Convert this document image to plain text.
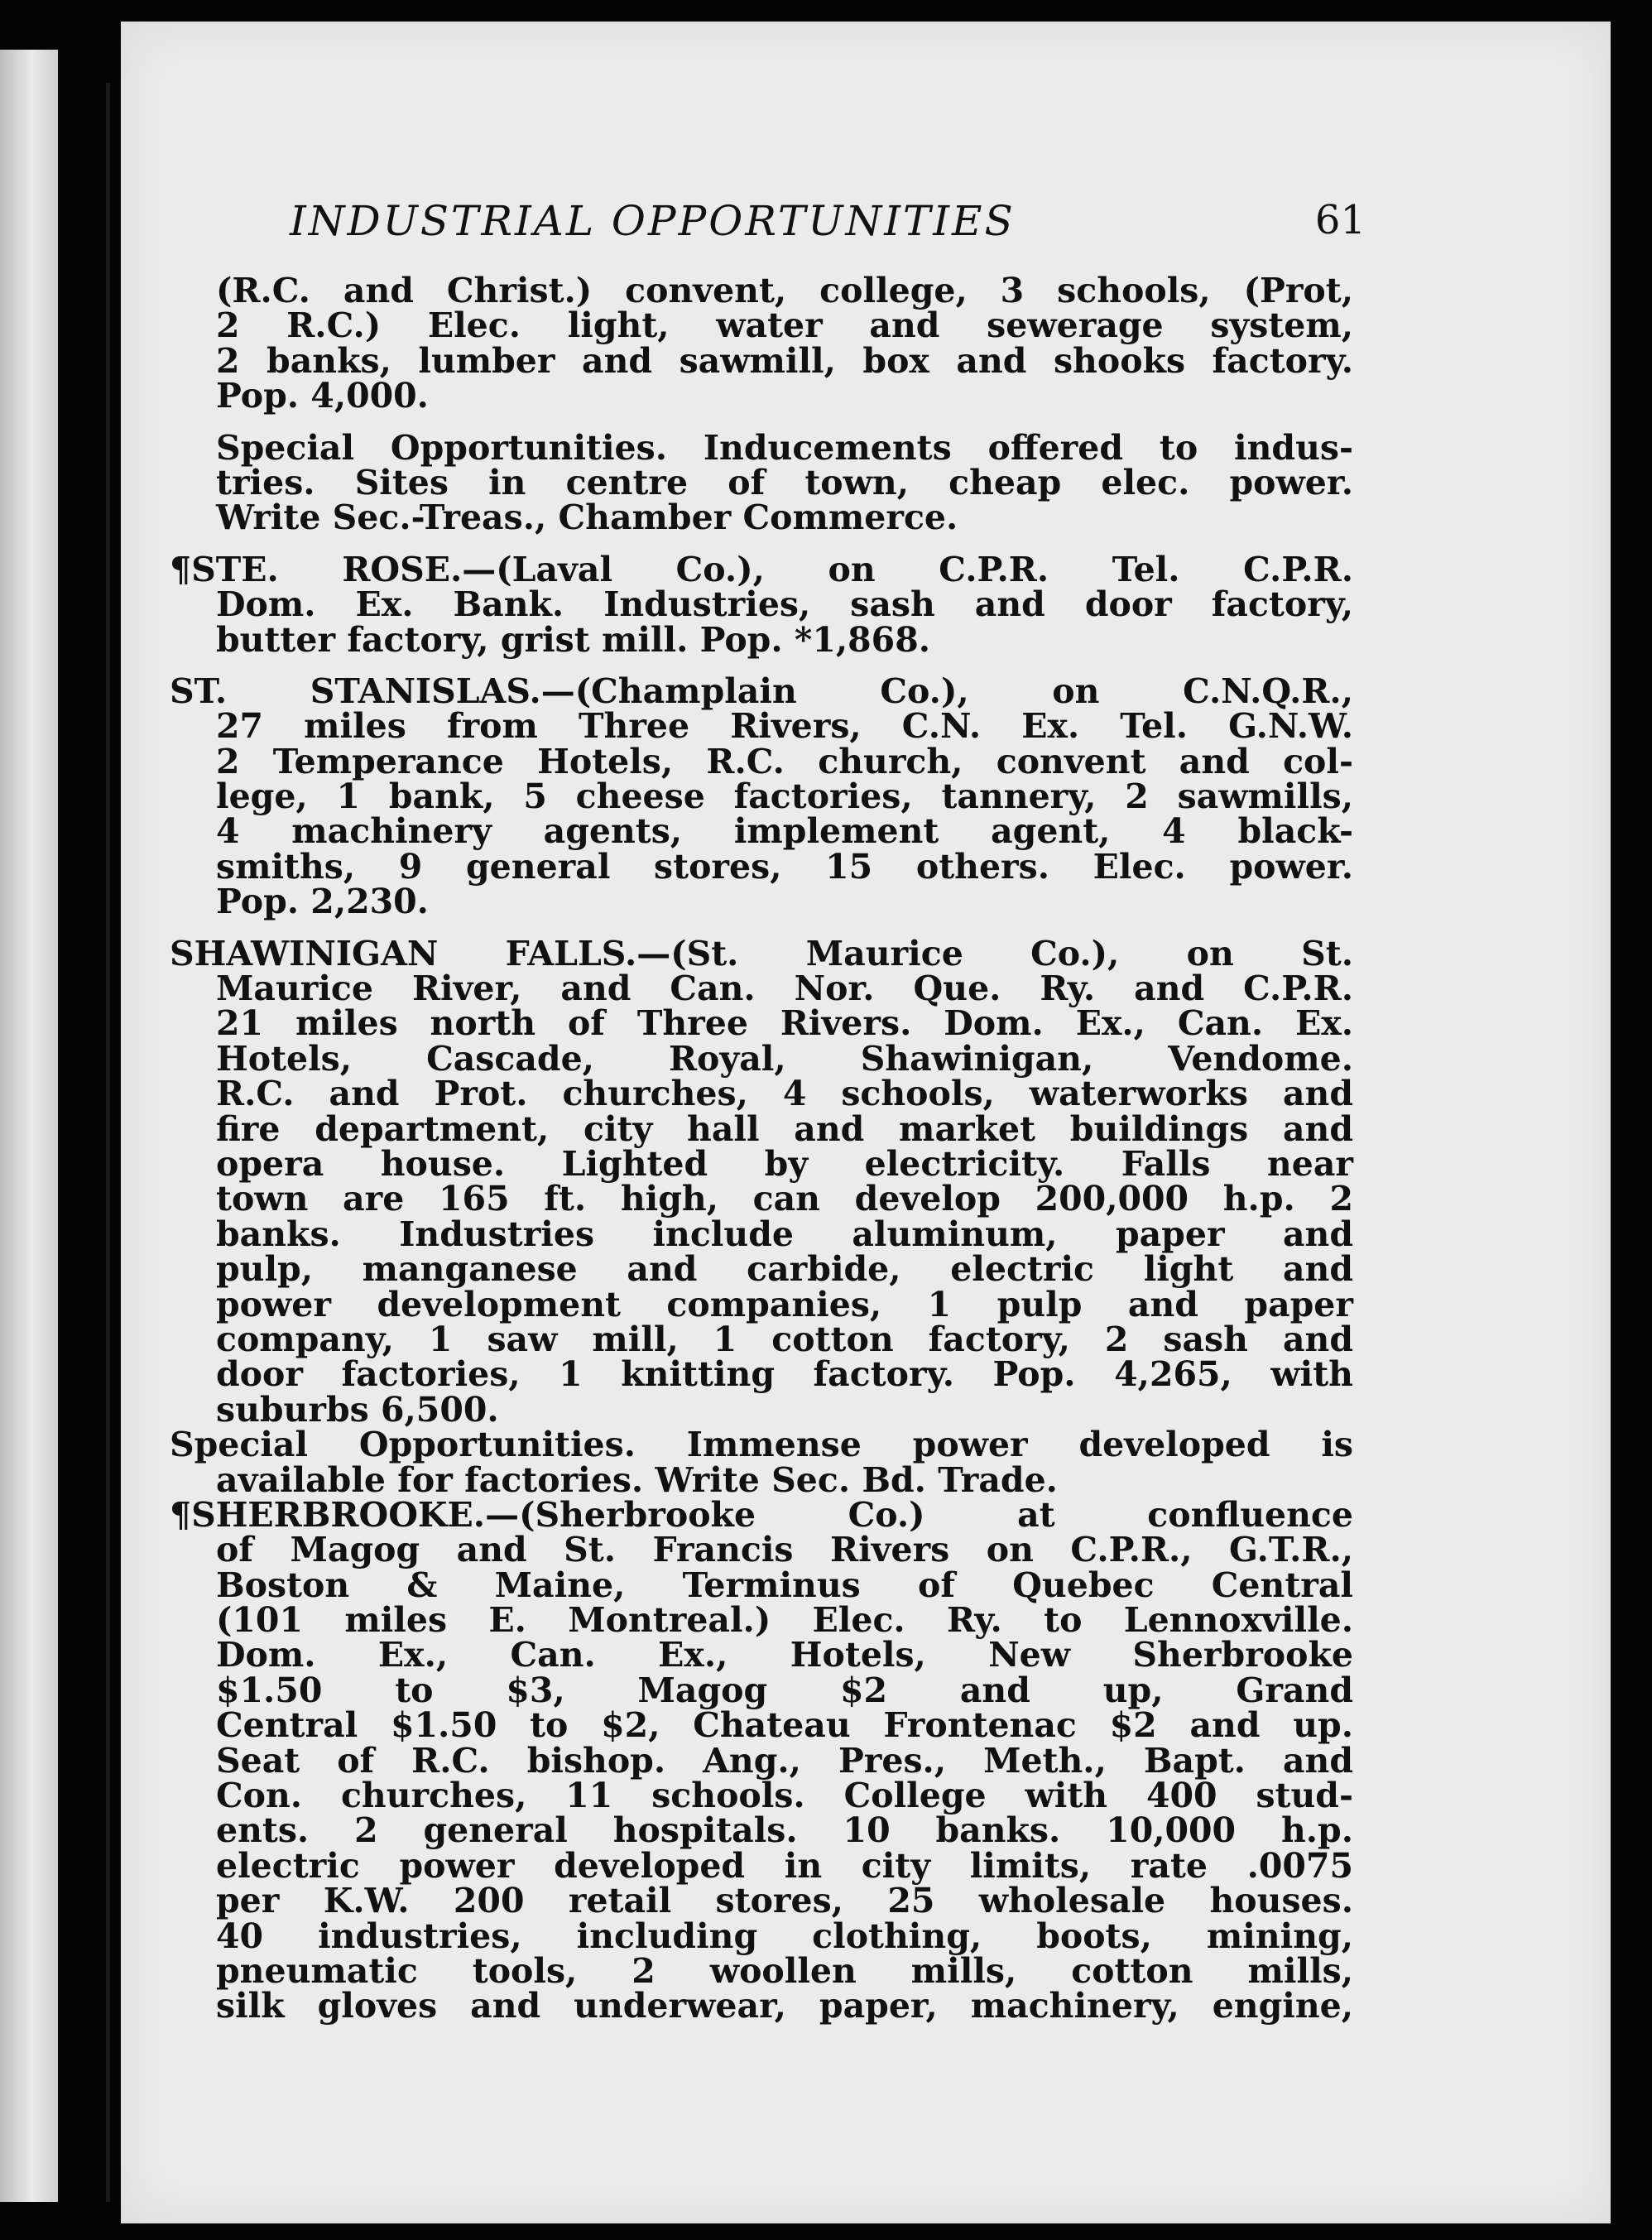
INDUSTRIAL OPPORTUNITIES	61
(R.C. and Christ.) convent, college, 3 schools, (Prot,
2 R.C.) Elec. light, water and sewerage system,
2 banks, lumber and sawmill, box and shooks factory.
Pop. 4,000.
Special Opportunities. Inducements offered to indus-
tries. Sites in centre of town, cheap elec. power.
Write Sec.-Treas., Chamber Commerce.
¶STE. ROSE.—(Laval Co.), on C.P.R. Tel. C.P.R.
Dom. Ex. Bank. Industries, sash and door factory,
butter factory, grist mill. Pop. *1,868.
ST. STANISLAS.—(Champlain Co.), on C.N.Q.R.,
27 miles from Three Rivers, C.N. Ex. Tel. G.N.W.
2 Temperance Hotels, R.C. church, convent and col-
lege, 1 bank, 5 cheese factories, tannery, 2 sawmills,
4 machinery agents, implement agent, 4 black-
smiths, 9 general stores, 15 others. Elec. power.
Pop. 2,230.
SHAWINIGAN FALLS.—(St. Maurice Co.), on St.
Maurice River, and Can. Nor. Que. Ry. and C.P.R.
21 miles north of Three Rivers. Dom. Ex., Can. Ex.
Hotels, Cascade, Royal, Shawinigan, Vendome.
R.C. and Prot. churches, 4 schools, waterworks and
fire department, city hall and market buildings and
opera house. Lighted by electricity. Falls near
town are 165 ft. high, can develop 200,000 h.p. 2
banks. Industries include aluminum, paper and
pulp, manganese and carbide, electric light and
power development companies, 1 pulp and paper
company, 1 saw mill, 1 cotton factory, 2 sash and
door factories, 1 knitting factory. Pop. 4,265, with
suburbs 6,500.
Special Opportunities. Immense power developed is
available for factories. Write Sec. Bd. Trade.
¶SHERBROOKE.—(Sherbrooke Co.) at confluence
of Magog and St. Francis Rivers on C.P.R., G.T.R.,
Boston & Maine, Terminus of Quebec Central
(101 miles E. Montreal.) Elec. Ry. to Lennoxville.
Dom. Ex., Can. Ex., Hotels, New Sherbrooke
$1.50 to $3, Magog $2 and up, Grand
Central $1.50 to $2, Chateau Frontenac $2 and up.
Seat of R.C. bishop. Ang., Pres., Meth., Bapt. and
Con. churches, 11 schools. College with 400 stud-
ents. 2 general hospitals. 10 banks. 10,000 h.p.
electric power developed in city limits, rate .0075
per K.W. 200 retail stores, 25 wholesale houses.
40 industries, including clothing, boots, mining,
pneumatic tools, 2 woollen mills, cotton mills,
silk gloves and underwear, paper, machinery, engine,
